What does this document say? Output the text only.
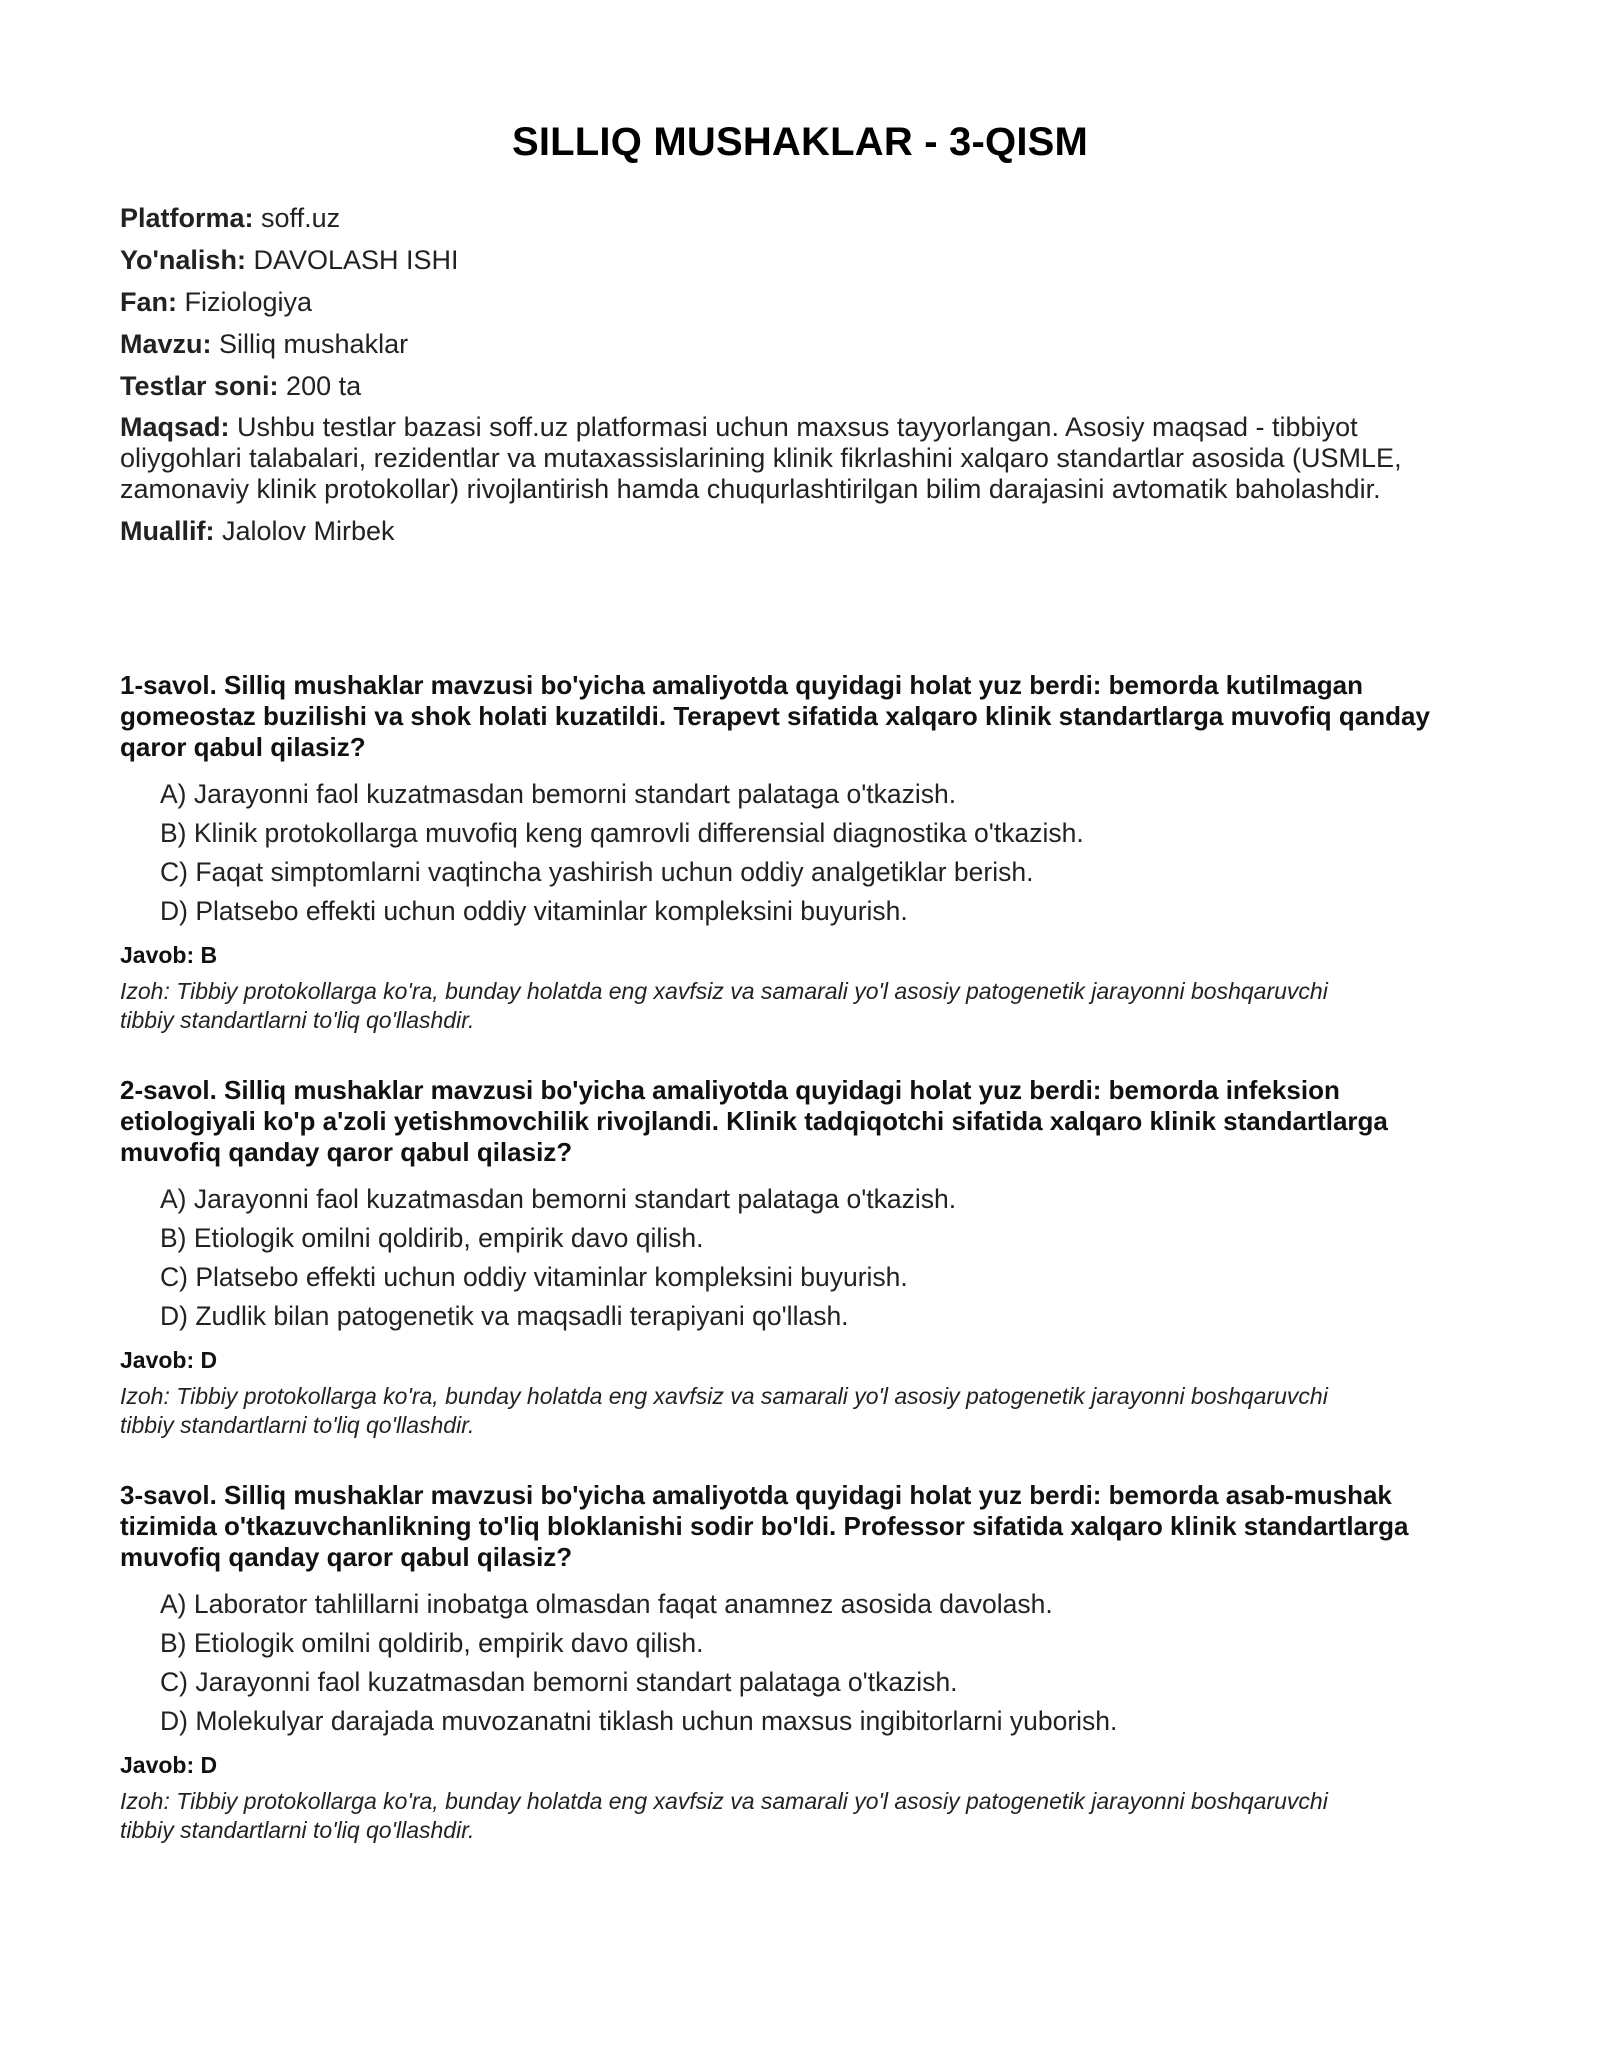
SILLIQ MUSHAKLAR - 3-QISM
Platforma: soff.uz
Yo'nalish: DAVOLASH ISHI
Fan: Fiziologiya
Mavzu: Silliq mushaklar
Testlar soni: 200 ta
Maqsad: Ushbu testlar bazasi soff.uz platformasi uchun maxsus tayyorlangan. Asosiy maqsad - tibbiyot oliygohlari talabalari, rezidentlar va mutaxassislarining klinik fikrlashini xalqaro standartlar asosida (USMLE, zamonaviy klinik protokollar) rivojlantirish hamda chuqurlashtirilgan bilim darajasini avtomatik baholashdir.
Muallif: Jalolov Mirbek
1-savol. Silliq mushaklar mavzusi bo'yicha amaliyotda quyidagi holat yuz berdi: bemorda kutilmagan gomeostaz buzilishi va shok holati kuzatildi. Terapevt sifatida xalqaro klinik standartlarga muvofiq qanday qaror qabul qilasiz?
A) Jarayonni faol kuzatmasdan bemorni standart palataga o'tkazish.
B) Klinik protokollarga muvofiq keng qamrovli differensial diagnostika o'tkazish.
C) Faqat simptomlarni vaqtincha yashirish uchun oddiy analgetiklar berish.
D) Platsebo effekti uchun oddiy vitaminlar kompleksini buyurish.
Javob: B
Izoh: Tibbiy protokollarga ko'ra, bunday holatda eng xavfsiz va samarali yo'l asosiy patogenetik jarayonni boshqaruvchi tibbiy standartlarni to'liq qo'llashdir.
2-savol. Silliq mushaklar mavzusi bo'yicha amaliyotda quyidagi holat yuz berdi: bemorda infeksion etiologiyali ko'p a'zoli yetishmovchilik rivojlandi. Klinik tadqiqotchi sifatida xalqaro klinik standartlarga muvofiq qanday qaror qabul qilasiz?
A) Jarayonni faol kuzatmasdan bemorni standart palataga o'tkazish.
B) Etiologik omilni qoldirib, empirik davo qilish.
C) Platsebo effekti uchun oddiy vitaminlar kompleksini buyurish.
D) Zudlik bilan patogenetik va maqsadli terapiyani qo'llash.
Javob: D
Izoh: Tibbiy protokollarga ko'ra, bunday holatda eng xavfsiz va samarali yo'l asosiy patogenetik jarayonni boshqaruvchi tibbiy standartlarni to'liq qo'llashdir.
3-savol. Silliq mushaklar mavzusi bo'yicha amaliyotda quyidagi holat yuz berdi: bemorda asab-mushak tizimida o'tkazuvchanlikning to'liq bloklanishi sodir bo'ldi. Professor sifatida xalqaro klinik standartlarga muvofiq qanday qaror qabul qilasiz?
A) Laborator tahlillarni inobatga olmasdan faqat anamnez asosida davolash.
B) Etiologik omilni qoldirib, empirik davo qilish.
C) Jarayonni faol kuzatmasdan bemorni standart palataga o'tkazish.
D) Molekulyar darajada muvozanatni tiklash uchun maxsus ingibitorlarni yuborish.
Javob: D
Izoh: Tibbiy protokollarga ko'ra, bunday holatda eng xavfsiz va samarali yo'l asosiy patogenetik jarayonni boshqaruvchi tibbiy standartlarni to'liq qo'llashdir.
